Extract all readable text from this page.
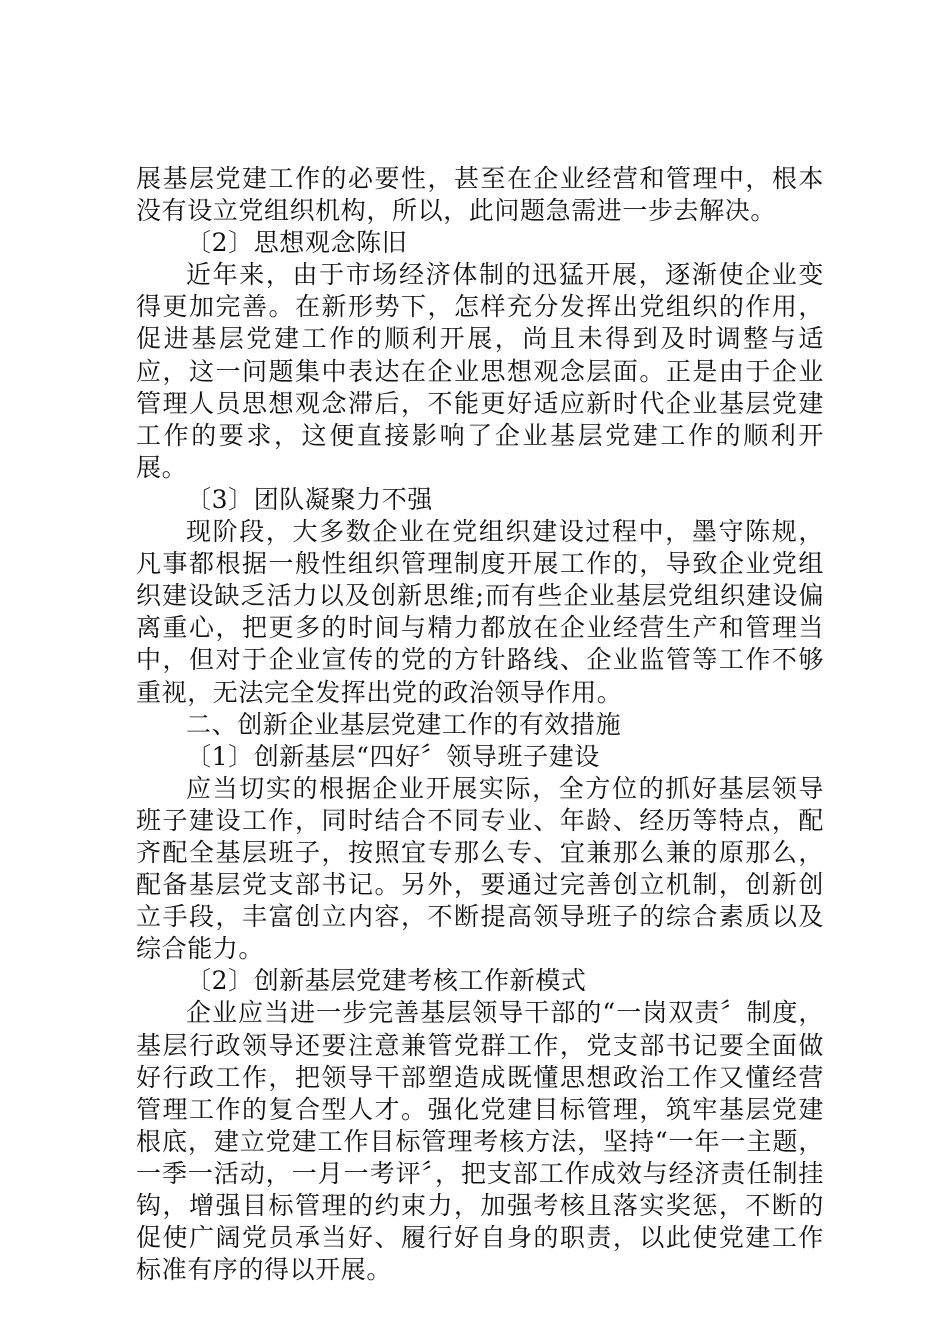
展基层党建工作的必要性，甚至在企业经营和管理中，根本没有设立党组织机构，所以，此问题急需进一步去解决。

〔2〕思想观念陈旧

近年来，由于市场经济体制的迅猛开展，逐渐使企业变得更加完善。在新形势下，怎样充分发挥出党组织的作用，促进基层党建工作的顺利开展，尚且未得到及时调整与适应，这一问题集中表达在企业思想观念层面。正是由于企业管理人员思想观念滞后，不能更好适应新时代企业基层党建工作的要求，这便直接影响了企业基层党建工作的顺利开展。

〔3〕团队凝聚力不强

现阶段，大多数企业在党组织建设过程中，墨守陈规，凡事都根据一般性组织管理制度开展工作的，导致企业党组织建设缺乏活力以及创新思维;而有些企业基层党组织建设偏离重心，把更多的时间与精力都放在企业经营生产和管理当中，但对于企业宣传的党的方针路线、企业监管等工作不够重视，无法完全发挥出党的政治领导作用。

二、创新企业基层党建工作的有效措施

〔1〕创新基层“四好〞领导班子建设

应当切实的根据企业开展实际，全方位的抓好基层领导班子建设工作，同时结合不同专业、年龄、经历等特点，配齐配全基层班子，按照宜专那么专、宜兼那么兼的原那么，配备基层党支部书记。另外，要通过完善创立机制，创新创立手段，丰富创立内容，不断提高领导班子的综合素质以及综合能力。

〔2〕创新基层党建考核工作新模式

企业应当进一步完善基层领导干部的“一岗双责〞制度，基层行政领导还要注意兼管党群工作，党支部书记要全面做好行政工作，把领导干部塑造成既懂思想政治工作又懂经营管理工作的复合型人才。强化党建目标管理，筑牢基层党建根底，建立党建工作目标管理考核方法，坚持“一年一主题，一季一活动，一月一考评〞，把支部工作成效与经济责任制挂钩，增强目标管理的约束力，加强考核且落实奖惩，不断的促使广阔党员承当好、履行好自身的职责，以此使党建工作标准有序的得以开展。
